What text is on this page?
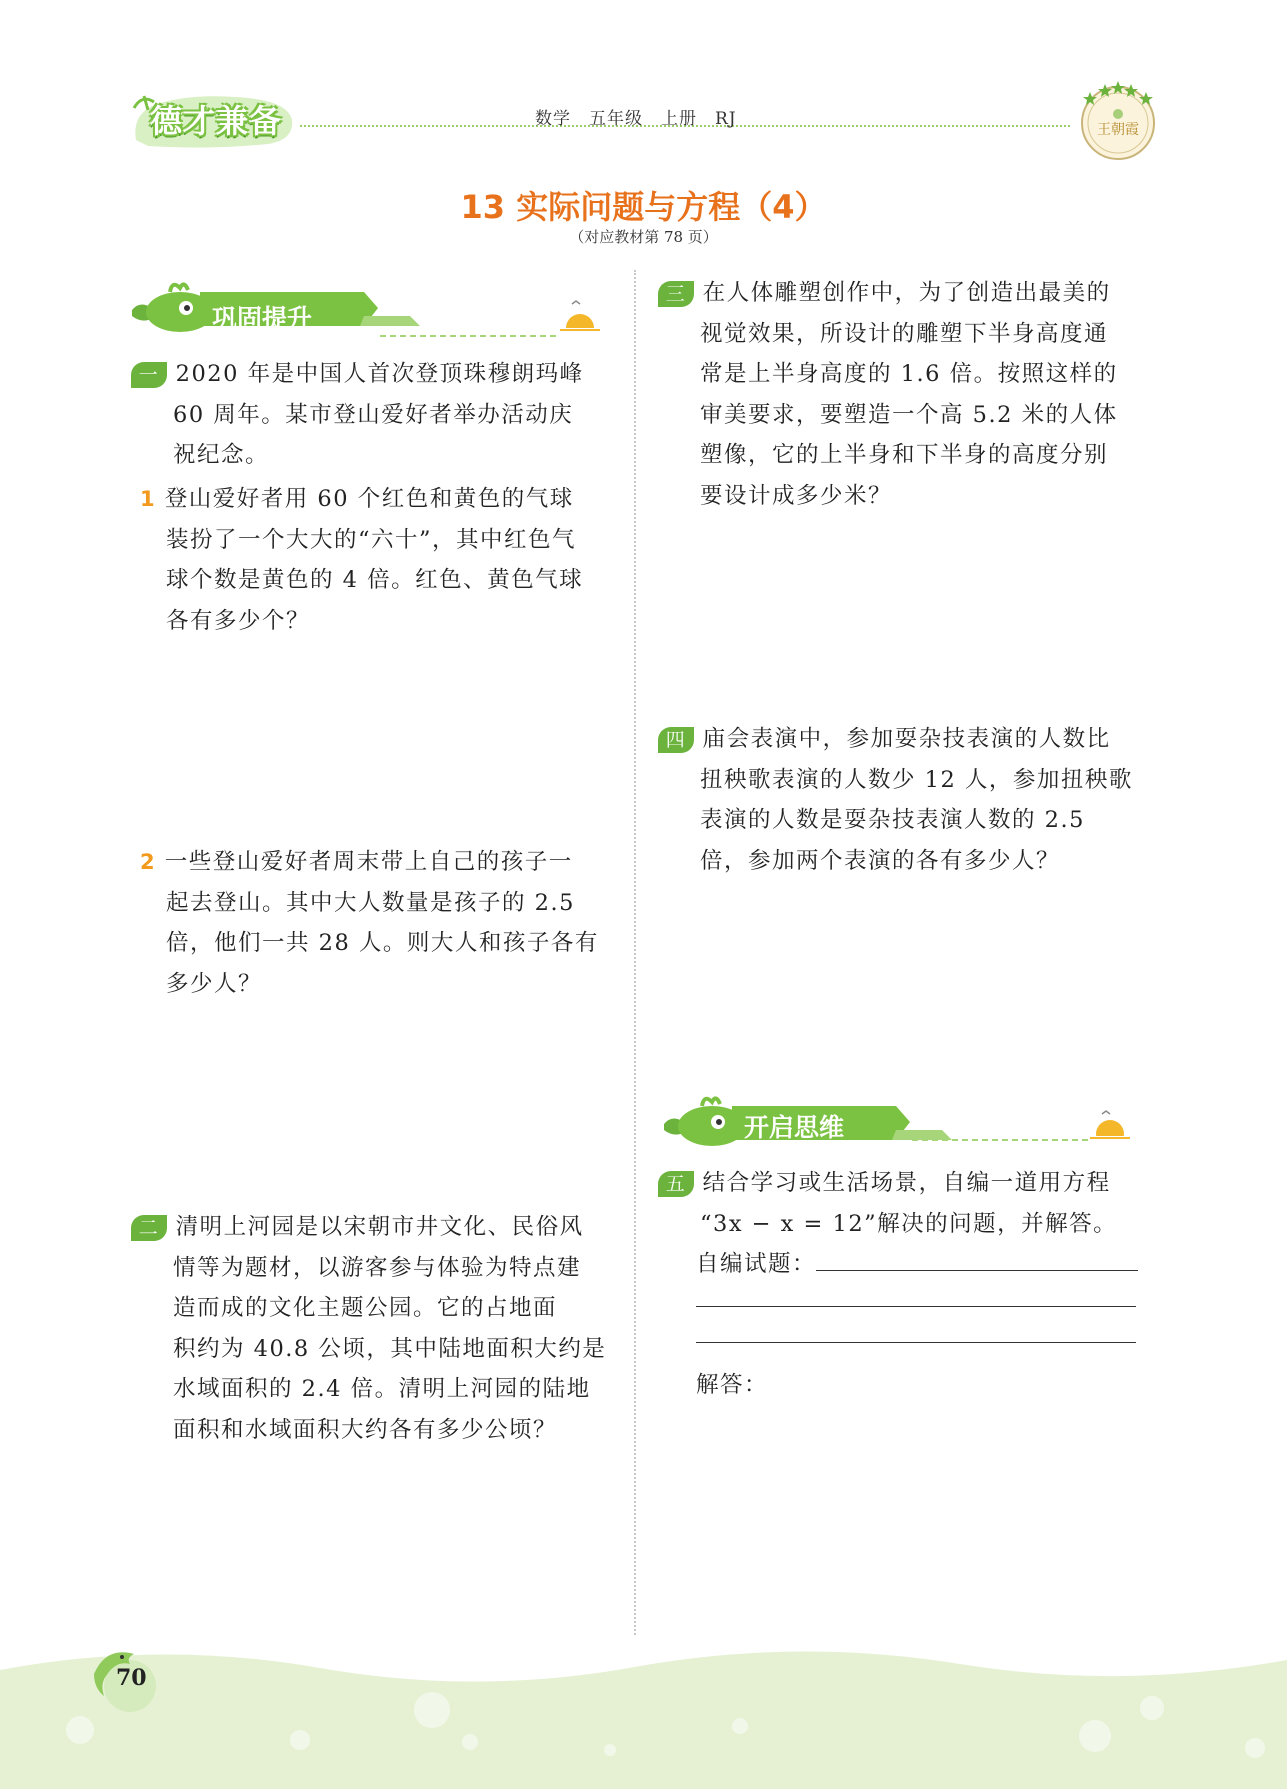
德才兼备	数学　五年级　上册　RJ
王朝霞
13 实际问题与方程（4）
（对应教材第 78 页）
巩固提升
一 2020 年是中国人首次登顶珠穆朗玛峰
60 周年。某市登山爱好者举办活动庆
祝纪念。
1 登山爱好者用 60 个红色和黄色的气球
装扮了一个大大的“六十”，其中红色气
球个数是黄色的 4 倍。红色、黄色气球
各有多少个？
2 一些登山爱好者周末带上自己的孩子一
起去登山。其中大人数量是孩子的 2.5
倍，他们一共 28 人。则大人和孩子各有
多少人？
二 清明上河园是以宋朝市井文化、民俗风
情等为题材，以游客参与体验为特点建
造而成的文化主题公园。它的占地面
积约为 40.8 公顷，其中陆地面积大约是
水域面积的 2.4 倍。清明上河园的陆地
面积和水域面积大约各有多少公顷？
三 在人体雕塑创作中，为了创造出最美的
视觉效果，所设计的雕塑下半身高度通
常是上半身高度的 1.6 倍。按照这样的
审美要求，要塑造一个高 5.2 米的人体
塑像，它的上半身和下半身的高度分别
要设计成多少米？
四 庙会表演中，参加耍杂技表演的人数比
扭秧歌表演的人数少 12 人，参加扭秧歌
表演的人数是耍杂技表演人数的 2.5
倍，参加两个表演的各有多少人？
开启思维
五 结合学习或生活场景，自编一道用方程
“3x − x = 12”解决的问题，并解答。
自编试题：
解答：
70
